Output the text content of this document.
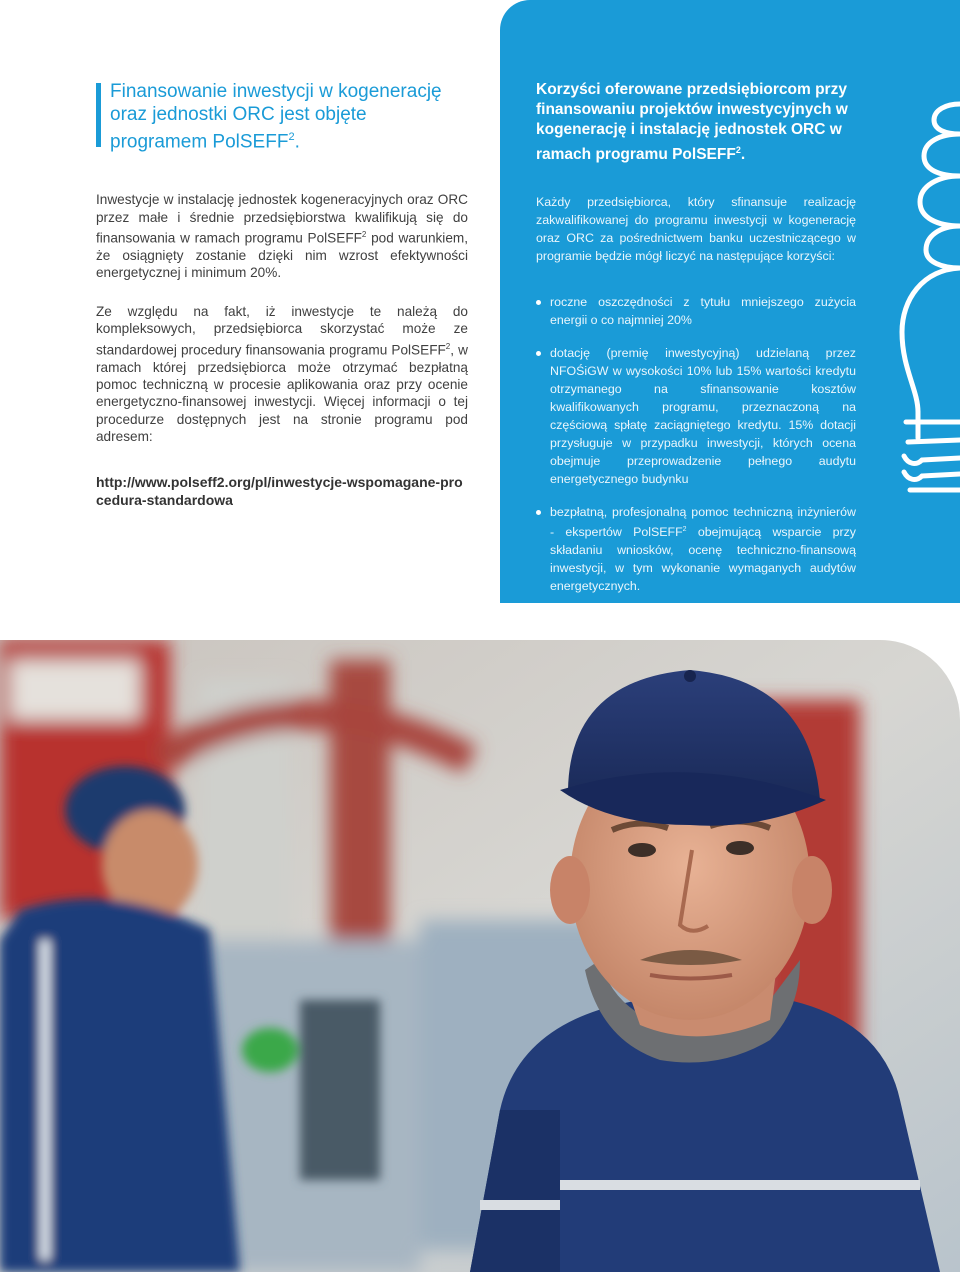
Finansowanie inwestycji w kogenerację
oraz jednostki ORC jest objęte
programem PolSEFF$^2$.

Inwestycje w instalację jednostek kogeneracyjnych oraz ORC przez małe i średnie przedsiębiorstwa kwalifikują się do finansowania w ramach programu PolSEFF$^2$ pod warunkiem, że osiągnięty zostanie dzięki nim wzrost efektywności energetycznej i minimum 20%.

Ze względu na fakt, iż inwestycje te należą do kompleksowych, przedsiębiorca skorzystać może ze standardowej procedury finansowania programu PolSEFF$^2$, w ramach której przedsiębiorca może otrzymać bezpłatną pomoc techniczną w procesie aplikowania oraz przy ocenie energetyczno-finansowej inwestycji. Więcej informacji o tej procedurze dostępnych jest na stronie programu pod adresem:

http://www.polseff2.org/pl/inwestycje-wspomagane-procedura-standardowa

Korzyści oferowane przedsiębiorcom przy finansowaniu projektów inwestycyjnych w kogenerację i instalację jednostek ORC w ramach programu PolSEFF$^2$.

Każdy przedsiębiorca, który sfinansuje realizację zakwalifikowanej do programu inwestycji w kogenerację oraz ORC za pośrednictwem banku uczestniczącego w programie będzie mógł liczyć na następujące korzyści:

roczne oszczędności z tytułu mniejszego zużycia energii o co najmniej 20%
dotację (premię inwestycyjną) udzielaną przez NFOŚiGW w wysokości 10% lub 15% wartości kredytu otrzymanego na sfinansowanie kosztów kwalifikowanych programu, przeznaczoną na częściową spłatę zaciągniętego kredytu. 15% dotacji przysługuje w przypadku inwestycji, których ocena obejmuje przeprowadzenie pełnego audytu energetycznego budynku
bezpłatną, profesjonalną pomoc techniczną inżynierów - ekspertów PolSEFF$^2$ obejmującą wsparcie przy składaniu wniosków, ocenę techniczno-finansową inwestycji, w tym wykonanie wymaganych audytów energetycznych.
